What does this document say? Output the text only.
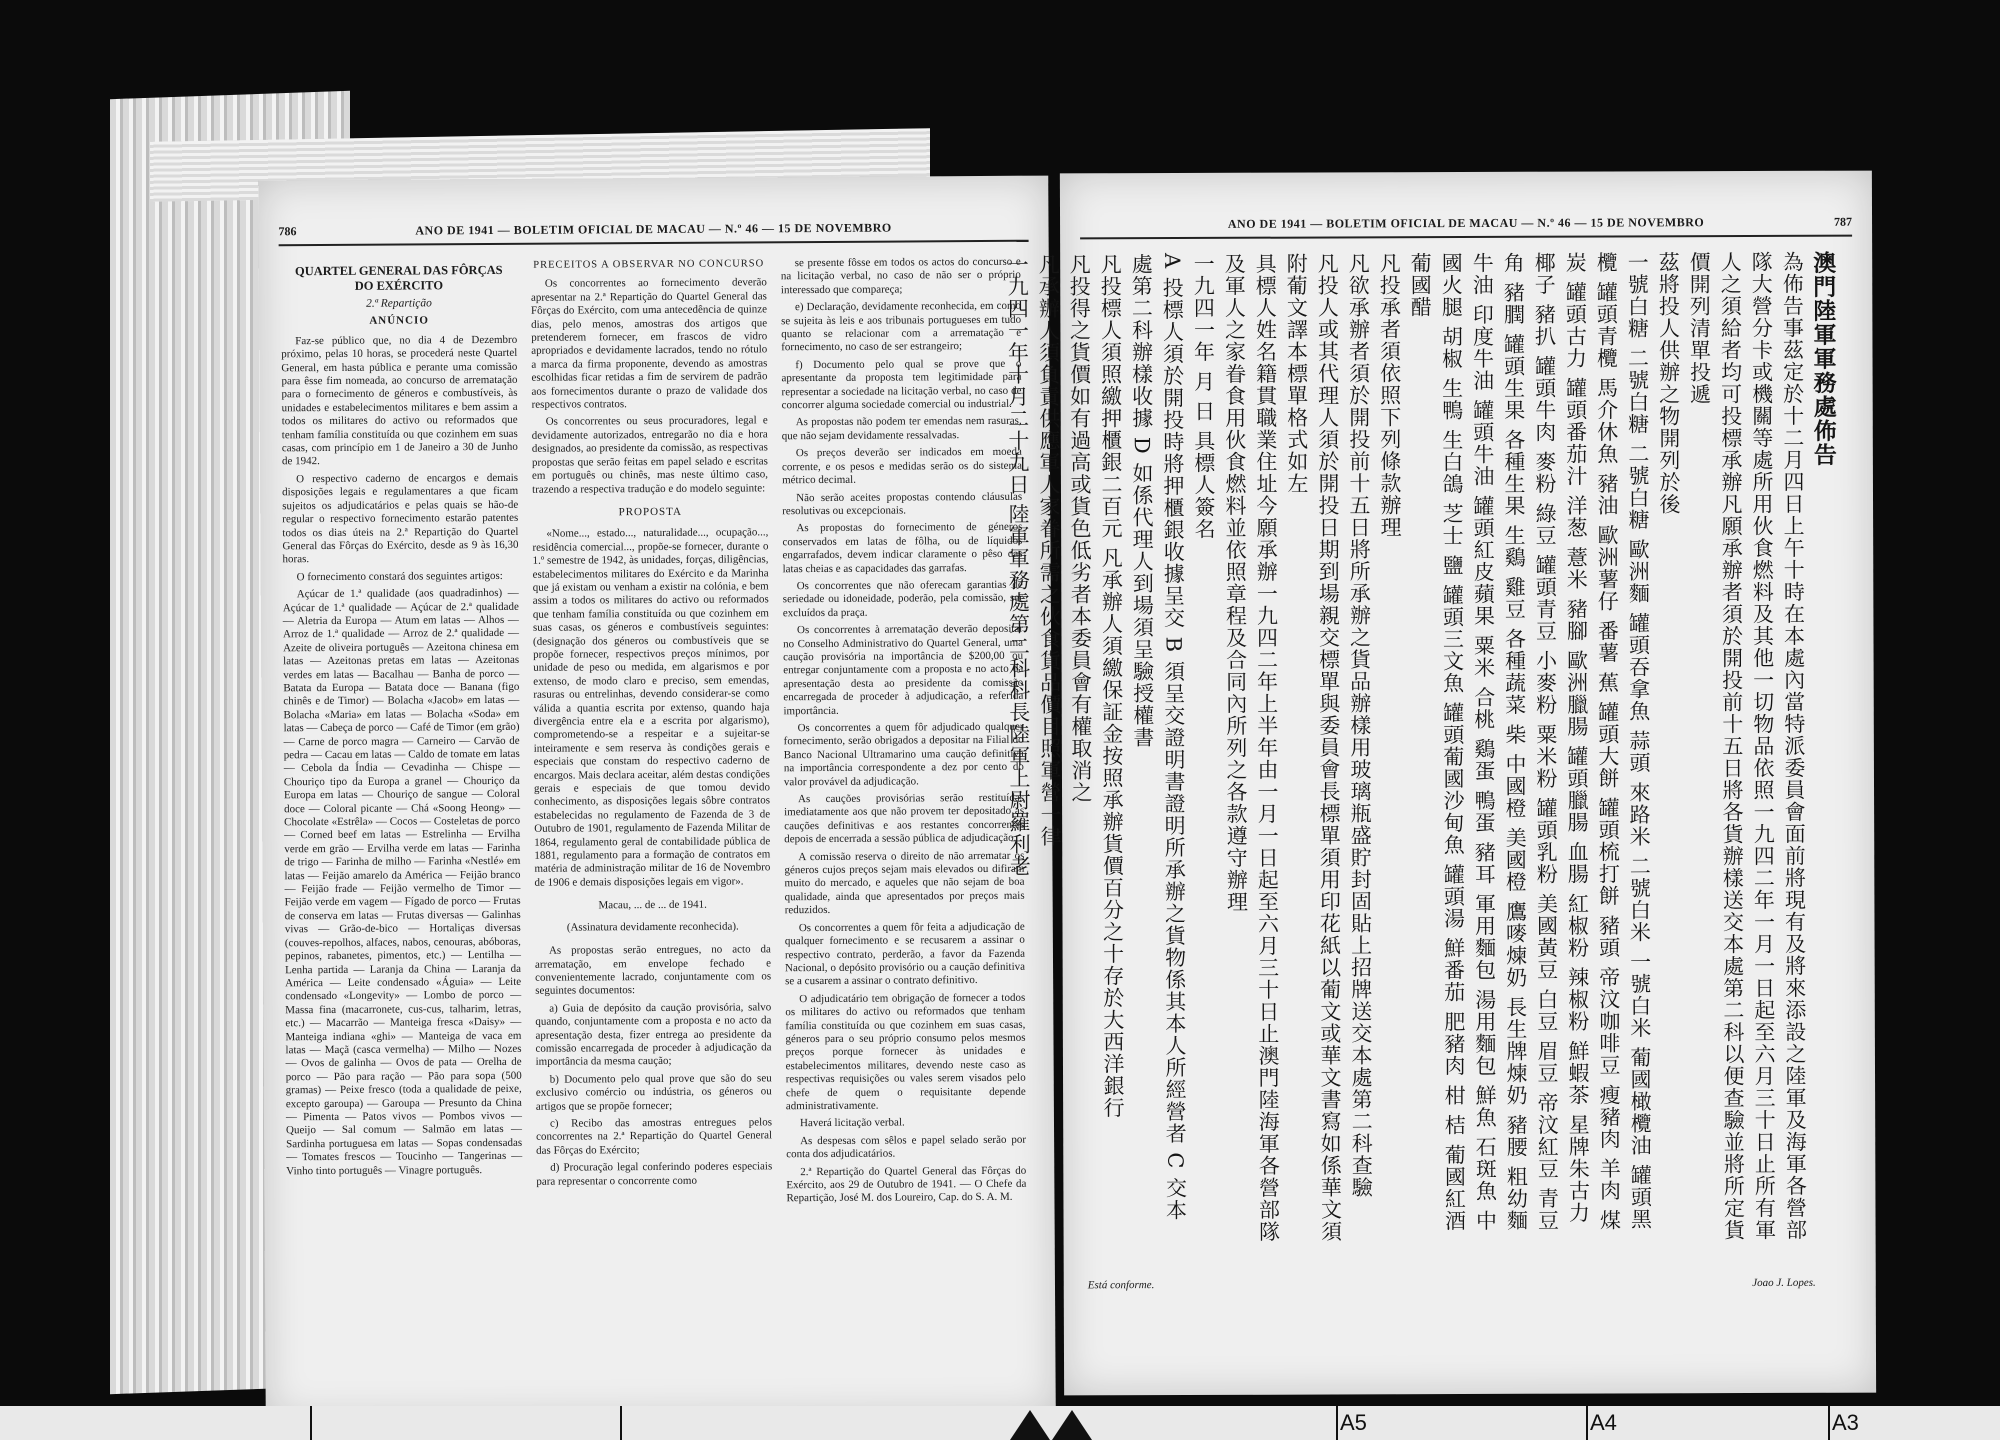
786	ANO DE 1941 — BOLETIM OFICIAL DE MACAU — N.º 46 — 15 DE NOVEMBRO
QUARTEL GENERAL DAS FÔRÇAS
DO EXÉRCITO
2.ª Repartição
ANÚNCIO

Faz-se público que, no dia 4 de Dezembro próximo, pelas 10 horas, se procederá neste Quartel General, em hasta pública e perante uma comissão para êsse fim nomeada, ao concurso de arrematação para o fornecimento de géneros e combustíveis, às unidades e estabelecimentos militares e bem assim a todos os militares do activo ou reformados que tenham família constituída ou que cozinhem em suas casas, com princípio em 1 de Janeiro a 30 de Junho de 1942.

O respectivo caderno de encargos e demais disposições legais e regulamentares a que ficam sujeitos os adjudicatários e pelas quais se hão-de regular o respectivo fornecimento estarão patentes todos os dias úteis na 2.ª Repartição do Quartel General das Fôrças do Exército, desde as 9 às 16,30 horas.

O fornecimento constará dos seguintes artigos:

Açúcar de 1.ª qualidade (aos quadradinhos) — Açúcar de 1.ª qualidade — Açúcar de 2.ª qualidade — Aletria da Europa — Atum em latas — Alhos — Arroz de 1.ª qualidade — Arroz de 2.ª qualidade — Azeite de oliveira português — Azeitona chinesa em latas — Azeitonas pretas em latas — Azeitonas verdes em latas — Bacalhau — Banha de porco — Batata da Europa — Batata doce — Banana (figo chinês e de Timor) — Bolacha «Jacob» em latas — Bolacha «Maria» em latas — Bolacha «Soda» em latas — Cabeça de porco — Café de Timor (em grão) — Carne de porco magra — Carneiro — Carvão de pedra — Cacau em latas — Caldo de tomate em latas — Cebola da Índia — Cevadinha — Chispe — Chouriço tipo da Europa a granel — Chouriço da Europa em latas — Chouriço de sangue — Coloral doce — Coloral picante — Chá «Soong Heong» — Chocolate «Estrêla» — Cocos — Costeletas de porco — Corned beef em latas — Estrelinha — Ervilha verde em grão — Ervilha verde em latas — Farinha de trigo — Farinha de milho — Farinha «Nestlé» em latas — Feijão amarelo da América — Feijão branco — Feijão frade — Feijão vermelho de Timor — Feijão verde em vagem — Fígado de porco — Frutas de conserva em latas — Frutas diversas — Galinhas vivas — Grão-de-bico — Hortaliças diversas (couves-repolhos, alfaces, nabos, cenouras, abóboras, pepinos, rabanetes, pimentos, etc.) — Lentilha — Lenha partida — Laranja da China — Laranja da América — Leite condensado «Águia» — Leite condensado «Longevity» — Lombo de porco — Massa fina (macarronete, cus-cus, talharim, letras, etc.) — Macarrão — Manteiga fresca «Daisy» — Manteiga indiana «ghi» — Manteiga de vaca em latas — Maçã (casca vermelha) — Milho — Nozes — Ovos de galinha — Ovos de pata — Orelha de porco — Pão para ração — Pão para sopa (500 gramas) — Peixe fresco (toda a qualidade de peixe, excepto garoupa) — Garoupa — Presunto da China — Pimenta — Patos vivos — Pombos vivos — Queijo — Sal comum — Salmão em latas — Sardinha portuguesa em latas — Sopas condensadas — Tomates frescos — Toucinho — Tangerinas — Vinho tinto português — Vinagre português.

PRECEITOS A OBSERVAR NO CONCURSO

Os concorrentes ao fornecimento deverão apresentar na 2.ª Repartição do Quartel General das Fôrças do Exército, com uma antecedência de quinze dias, pelo menos, amostras dos artigos que pretenderem fornecer, em frascos de vidro apropriados e devidamente lacrados, tendo no rótulo a marca da firma proponente, devendo as amostras escolhidas ficar retidas a fim de servirem de padrão aos fornecimentos durante o prazo de validade dos respectivos contratos.

Os concorrentes ou seus procuradores, legal e devidamente autorizados, entregarão no dia e hora designados, ao presidente da comissão, as respectivas propostas que serão feitas em papel selado e escritas em português ou chinês, mas neste último caso, trazendo a respectiva tradução e do modelo seguinte:

PROPOSTA

«Nome..., estado..., naturalidade..., ocupação..., residência comercial..., propõe-se fornecer, durante o 1.º semestre de 1942, às unidades, forças, diligências, estabelecimentos militares do Exército e da Marinha que já existam ou venham a existir na colónia, e bem assim a todos os militares do activo ou reformados que tenham família constituída ou que cozinhem em suas casas, os géneros e combustíveis seguintes: (designação dos géneros ou combustíveis que se propõe fornecer, respectivos preços mínimos, por unidade de peso ou medida, em algarismos e por extenso, de modo claro e preciso, sem emendas, rasuras ou entrelinhas, devendo considerar-se como válida a quantia escrita por extenso, quando haja divergência entre ela e a escrita por algarismo), comprometendo-se a respeitar e a sujeitar-se inteiramente e sem reserva às condições gerais e especiais que constam do respectivo caderno de encargos. Mais declara aceitar, além destas condições gerais e especiais de que tomou devido conhecimento, as disposições legais sôbre contratos estabelecidas no regulamento de Fazenda de 3 de Outubro de 1901, regulamento de Fazenda Militar de 1864, regulamento geral de contabilidade pública de 1881, regulamento para a formação de contratos em matéria de administração militar de 16 de Novembro de 1906 e demais disposições legais em vigor».

Macau, ... de ... de 1941.
(Assinatura devidamente reconhecida).

As propostas serão entregues, no acto da arrematação, em envelope fechado e convenientemente lacrado, conjuntamente com os seguintes documentos:

a) Guia de depósito da caução provisória, salvo quando, conjuntamente com a proposta e no acto da apresentação desta, fizer entrega ao presidente da comissão encarregada de proceder à adjudicação da importância da mesma caução;

b) Documento pelo qual prove que são do seu exclusivo comércio ou indústria, os géneros ou artigos que se propõe fornecer;

c) Recibo das amostras entregues pelos concorrentes na 2.ª Repartição do Quartel General das Fôrças do Exército;

d) Procuração legal conferindo poderes especiais para representar o concorrente como

se presente fôsse em todos os actos do concurso e na licitação verbal, no caso de não ser o próprio interessado que compareça;

e) Declaração, devidamente reconhecida, em como se sujeita às leis e aos tribunais portugueses em tudo quanto se relacionar com a arrematação e fornecimento, no caso de ser estrangeiro;

f) Documento pelo qual se prove que o apresentante da proposta tem legitimidade para representar a sociedade na licitação verbal, no caso de concorrer alguma sociedade comercial ou industrial.

As propostas não podem ter emendas nem rasuras, que não sejam devidamente ressalvadas.

Os preços deverão ser indicados em moeda corrente, e os pesos e medidas serão os do sistema métrico decimal.

Não serão aceites propostas contendo cláusulas resolutivas ou excepcionais.

As propostas do fornecimento de géneros conservados em latas de fôlha, ou de líquidos engarrafados, devem indicar claramente o pêso das latas cheias e as capacidades das garrafas.

Os concorrentes que não oferecam garantias de seriedade ou idoneidade, poderão, pela comissão, ser excluídos da praça.

Os concorrentes à arrematação deverão depositar no Conselho Administrativo do Quartel General, uma caução provisória na importância de $200,00 ou entregar conjuntamente com a proposta e no acto da apresentação desta ao presidente da comissão encarregada de proceder à adjudicação, a referida importância.

Os concorrentes a quem fôr adjudicado qualquer fornecimento, serão obrigados a depositar na Filial do Banco Nacional Ultramarino uma caução definitiva na importância correspondente a dez por cento do valor provável da adjudicação.

As cauções provisórias serão restituídas imediatamente aos que não provem ter depositado as cauções definitivas e aos restantes concorrentes depois de encerrada a sessão pública de adjudicação.

A comissão reserva o direito de não arrematar os géneros cujos preços sejam mais elevados ou difiram muito do mercado, e aqueles que não sejam de boa qualidade, ainda que apresentados por preços mais reduzidos.

Os concorrentes a quem fôr feita a adjudicação de qualquer fornecimento e se recusarem a assinar o respectivo contrato, perderão, a favor da Fazenda Nacional, o depósito provisório ou a caução definitiva se a cusarem a assinar o contrato definitivo.

O adjudicatário tem obrigação de fornecer a todos os militares do activo ou reformados que tenham família constituída ou que cozinhem em suas casas, géneros para o seu próprio consumo pelos mesmos preços porque fornecer às unidades e estabelecimentos militares, devendo neste caso as respectivas requisições ou vales serem visados pelo chefe de quem o requisitante depende administrativamente.

Haverá licitação verbal.

As despesas com sêlos e papel selado serão por conta dos adjudicatários.

2.ª Repartição do Quartel General das Fôrças do Exército, aos 29 de Outubro de 1941. — O Chefe da Repartição, José M. dos Loureiro, Cap. do S. A. M.

ANO DE 1941 — BOLETIM OFICIAL DE MACAU — N.º 46 — 15 DE NOVEMBRO	787

澳門陸軍軍務處佈告

為佈告事茲定於十二月四日上午十時在本處內當特派委員會面前將現有及將來添設之陸軍及海軍各營部隊大營分卡或機關等處所用伙食燃料及其他一切物品依照一九四二年一月一日起至六月三十日止所有軍人之須給者均可投標承辦凡願承辦者須於開投前十五日將各貨辦樣送交本處第二科以便查驗並將所定貨價開列清單投遞

茲將投人供辦之物開列於後

一號白糖 二號白糖 二號白糖 歐洲麵 罐頭吞拿魚 蒜頭 來路米 二號白米 一號白米 葡國橄欖油 罐頭黑欖 罐頭青欖 馬介休魚 豬油 歐洲薯仔 番薯 蕉 罐頭大餅 罐頭梳打餅 豬頭 帝汶咖啡豆 瘦豬肉 羊肉 煤炭 罐頭古力 罐頭番茄汁 洋葱 薏米 豬腳 歐洲臘腸 罐頭臘腸 血腸 紅椒粉 辣椒粉 鮮蝦茶 星牌朱古力 椰子 豬扒 罐頭牛肉 麥粉 綠豆 罐頭青豆 小麥粉 粟米粉 罐頭乳粉 美國黃豆 白豆 眉豆 帝汶紅豆 青豆角 豬膶 罐頭生果 各種生果 生鷄 雞豆 各種蔬菜 柴 中國橙 美國橙 鷹嘜煉奶 長生牌煉奶 豬腰 粗幼麵 牛油 印度牛油 罐頭牛油 罐頭紅皮蘋果 粟米 合桃 鷄蛋 鴨蛋 豬耳 軍用麵包 湯用麵包 鮮魚 石斑魚 中國火腿 胡椒 生鴨 生白鴿 芝士 鹽 罐頭三文魚 罐頭葡國沙甸魚 罐頭湯 鮮番茄 肥豬肉 柑 桔 葡國紅酒 葡國醋

凡投承者須依照下列條款辦理

凡欲承辦者須於開投前十五日將所承辦之貨品辦樣用玻璃瓶盛貯封固貼上招牌送交本處第二科查驗

凡投人或其代理人須於開投日期到場親交標單與委員會長標單須用印花紙以葡文或華文書寫如係華文須附葡文譯本標單格式如左

具標人姓名籍貫職業住址今願承辦一九四二年上半年由一月一日起至六月三十日止澳門陸海軍各營部隊及軍人之家眷食用伙食燃料並依照章程及合同內所列之各款遵守辦理

一九四一年 月 日 具標人簽名

A 投標人須於開投時將押櫃銀收據呈交 B 須呈交證明書證明所承辦之貨物係其本人所經營者 C 交本處第二科辦樣收據 D 如係代理人到場須呈驗授權書

凡投標人須照繳押櫃銀二百元 凡承辦人須繳保証金按照承辦貨價百分之十存於大西洋銀行

凡投得之貨價如有過高或貨色低劣者本委員會有權取消之

凡承辦人須負責供應軍人家眷所需之伙食貨品價目照軍營一律

一九四一年十月二十九日 陸軍軍務處第二科科長陸軍上尉羅利老

Está conforme.	Joao J. Lopes.
A5	A4	A3
